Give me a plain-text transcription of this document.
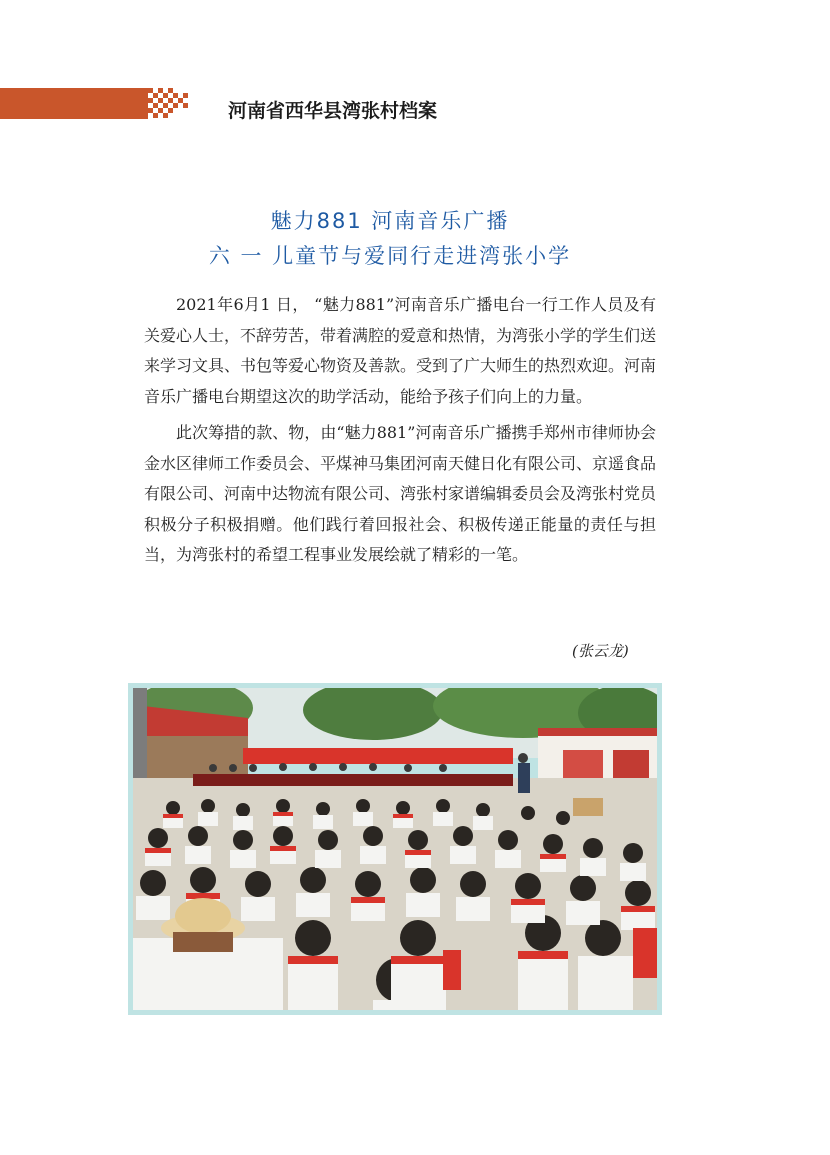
河南省西华县湾张村档案
魅力881 河南音乐广播
六 一 儿童节与爱同行走进湾张小学

2021年6月1 日， “魅力881”河南音乐广播电台一行工作人员及有关爱心人士，不辞劳苦，带着满腔的爱意和热情，为湾张小学的学生们送来学习文具、书包等爱心物资及善款。受到了广大师生的热烈欢迎。河南音乐广播电台期望这次的助学活动，能给予孩子们向上的力量。

此次筹措的款、物，由“魅力881”河南音乐广播携手郑州市律师协会金水区律师工作委员会、平煤神马集团河南天健日化有限公司、京遥食品有限公司、河南中达物流有限公司、湾张村家谱编辑委员会及湾张村党员积极分子积极捐赠。他们践行着回报社会、积极传递正能量的责任与担当，为湾张村的希望工程事业发展绘就了精彩的一笔。

(张云龙)
